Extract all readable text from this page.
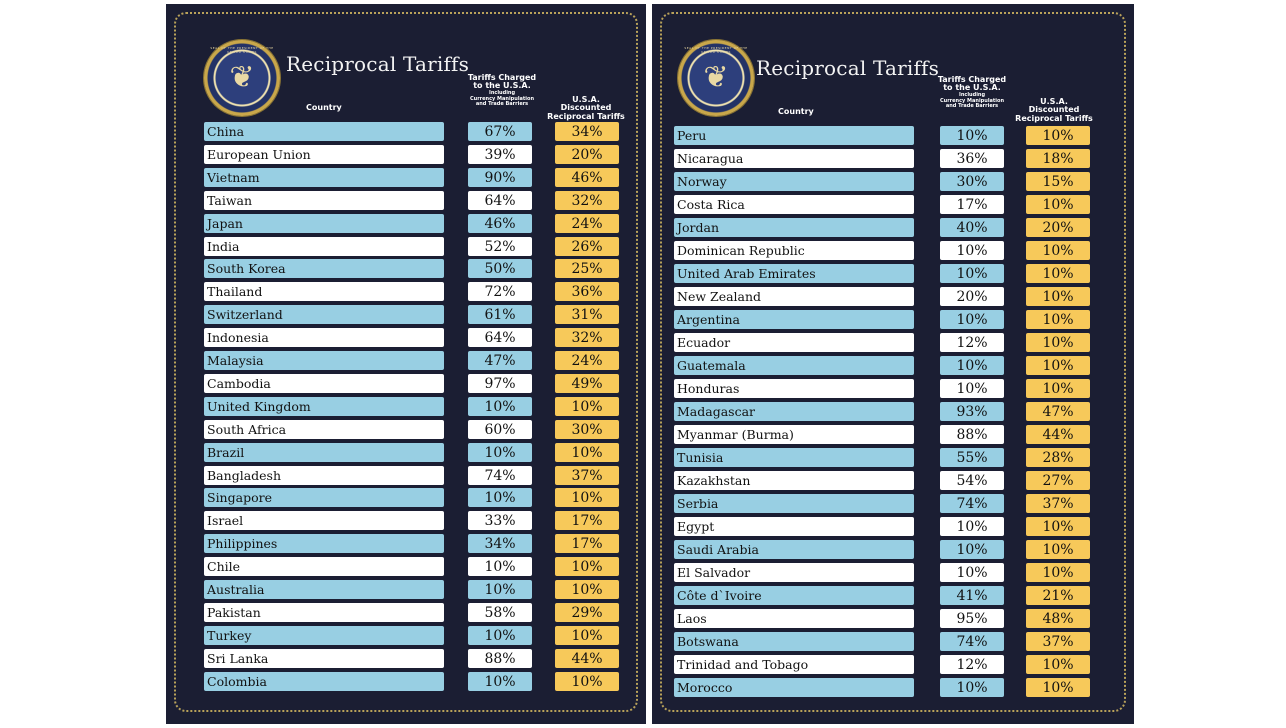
❦
SEAL OF THE PRESIDENT OF THE UNITED STATES	Reciprocal Tariffs
Country
Tariffs Charged
to the U.S.A.
Including
Currency Manipulation
and Trade Barriers
U.S.A. Discounted
Reciprocal Tariffs
China	67%	34%
European Union	39%	20%
Vietnam	90%	46%
Taiwan	64%	32%
Japan	46%	24%
India	52%	26%
South Korea	50%	25%
Thailand	72%	36%
Switzerland	61%	31%
Indonesia	64%	32%
Malaysia	47%	24%
Cambodia	97%	49%
United Kingdom	10%	10%
South Africa	60%	30%
Brazil	10%	10%
Bangladesh	74%	37%
Singapore	10%	10%
Israel	33%	17%
Philippines	34%	17%
Chile	10%	10%
Australia	10%	10%
Pakistan	58%	29%
Turkey	10%	10%
Sri Lanka	88%	44%
Colombia	10%	10%
❦
SEAL OF THE PRESIDENT OF THE UNITED STATES
Reciprocal Tariffs
Country
Tariffs Charged
to the U.S.A.
Including
Currency Manipulation
and Trade Barriers
U.S.A. Discounted
Reciprocal Tariffs
Peru	10%	10%
Nicaragua	36%	18%
Norway	30%	15%
Costa Rica	17%	10%
Jordan	40%	20%
Dominican Republic	10%	10%
United Arab Emirates	10%	10%
New Zealand	20%	10%
Argentina	10%	10%
Ecuador	12%	10%
Guatemala	10%	10%
Honduras	10%	10%
Madagascar	93%	47%
Myanmar (Burma)	88%	44%
Tunisia	55%	28%
Kazakhstan	54%	27%
Serbia	74%	37%
Egypt	10%	10%
Saudi Arabia	10%	10%
El Salvador	10%	10%
Côte d`Ivoire	41%	21%
Laos	95%	48%
Botswana	74%	37%
Trinidad and Tobago	12%	10%
Morocco	10%	10%
